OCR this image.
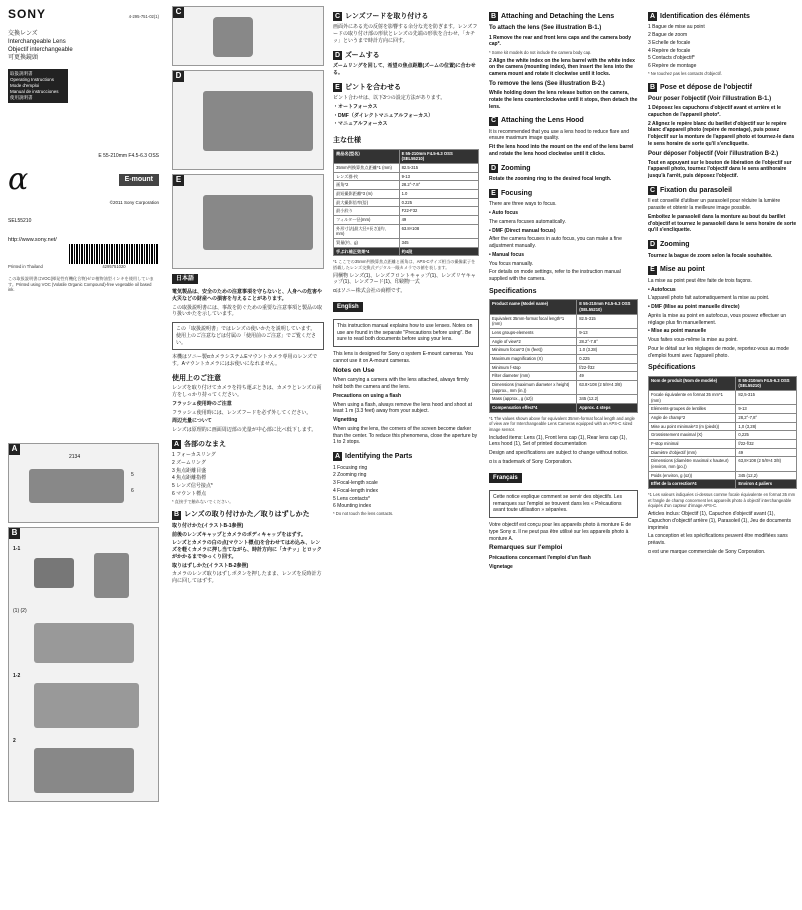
SONY	4-295-751-02(1)
交換レンズ
Interchangeable Lens
Objectif interchangeable
可更換鏡頭
取扱説明書
Operating Instructions
Mode d'emploi
Manual de instrucciones
使用說明書
E 55-210mm F4.5-6.3 OSS
α	E-mount
©2011 Sony Corporation
SEL55210
http://www.sony.net/
Printed in Thailand	4295751020
この取扱説明書はVOC(揮発性有機化合物)ゼロ植物油型インキを使用しています。Printed using VOC (Volatile Organic Compound)-free vegetable oil based ink.
A
2134
5
6
B
1-1
(1) (2)
1-2
2
C
D
E
日本語
電気製品は、安全のための注意事項を守らないと、人身への危害や火災などの財産への損害を与えることがあります。
この取扱説明書には、事故を防ぐための重要な注意事項と製品の取り扱いかたを示しています。
この「取扱説明書」ではレンズの使いかたを説明しています。使用上のご注意などは付属の「使用前のご注意」でご覧ください。
本機はソニー製αカメラシステムEマウントカメラ専用のレンズです。Aマウントカメラにはお使いになれません。
使用上のご注意
レンズを取り付けてカメラを持ち運ぶときは、カメラとレンズの両方をしっかり持ってください。
フラッシュ使用時のご注意
フラッシュ使用時には、レンズフードを必ず外してください。
周辺光量について
レンズは原理的に画面周辺部の光量が中心部に比べ低下します。
A 各部のなまえ
1 フォーカスリング
2 ズームリング
3 焦点距離目盛
4 焦点距離指標
5 レンズ信号接点*
6 マウント標点
* 直接手で触れないでください。
B レンズの取り付けかた／取りはずしかた
取り付けかた(イラストB-1参照)
前後のレンズキャップとカメラのボディキャップをはずす。
レンズとカメラの白の点(マウント標点)を合わせてはめ込み、レンズを軽くカメラに押し当てながら、時計方向に「カチッ」とロックがかかるまでゆっくり回す。
取りはずしかた(イラストB-2参照)
カメラのレンズ取りはずしボタンを押したまま、レンズを反時計方向に回してはずす。
C レンズフードを取り付ける
画面外にある光の反射を影響する余分な光を防ぎます。レンズフードの取り付け部の形状とレンズの先端の形状を合わせ、「カチッ」というまで時計方向に回す。
D ズームする
ズームリングを回して、希望の焦点距離(ズームの位置)に合わせる。
E ピントを合わせる
ピント合わせは、以下3つの設定方法があります。
・オートフォーカス
・DMF（ダイレクトマニュアルフォーカス）
・マニュアルフォーカス
主な仕様
商品名(型名)	E 55-210mm F4.5-6.3 OSS (SEL55210)
35mm判換算焦点距離*1 (mm)	82.5-315
レンズ群-枚	9-13
画角*2	28.2°-7.8°
最短撮影距離*3 (m)	1.0
最大撮影倍率(倍)	0.225
最小絞り	F22-F32
フィルター径(mm)	49
外形寸法(最大径×長さ)(約、mm)	63.8×108
質量(約、g)	345
手ぶれ補正効果*4	約4段
*1 ここでの35mm判換算焦点距離と画角は、APS-Cサイズ相当の撮像素子を搭載したレンズ交換式デジタル一眼カメラでの値を表します。
同梱物 レンズ(1)、レンズフロントキャップ(1)、レンズリヤキャップ(1)、レンズフード(1)、印刷物一式
αはソニー株式会社の商標です。
English
This instruction manual explains how to use lenses. Notes on use are found in the separate "Precautions before using". Be sure to read both documents before using your lens.
This lens is designed for Sony α system E-mount cameras. You cannot use it on A-mount cameras.
Notes on Use
When carrying a camera with the lens attached, always firmly hold both the camera and the lens.
Precautions on using a flash
When using a flash, always remove the lens hood and shoot at least 1 m (3.3 feet) away from your subject.
Vignetting
When using the lens, the corners of the screen become darker than the center. To reduce this phenomena, close the aperture by 1 to 2 stops.
A Identifying the Parts
1 Focusing ring
2 Zooming ring
3 Focal-length scale
4 Focal-length index
5 Lens contacts*
6 Mounting index
* Do not touch the lens contacts.
B Attaching and Detaching the Lens
To attach the lens (See illustration B-1.)
1 Remove the rear and front lens caps and the camera body cap*.
* Some kit models do not include the camera body cap.
2 Align the white index on the lens barrel with the white index on the camera (mounting index), then insert the lens into the camera mount and rotate it clockwise until it locks.
To remove the lens (See illustration B-2.)
While holding down the lens release button on the camera, rotate the lens counterclockwise until it stops, then detach the lens.
C Attaching the Lens Hood
It is recommended that you use a lens hood to reduce flare and ensure maximum image quality.
Fit the lens hood into the mount on the end of the lens barrel and rotate the lens hood clockwise until it clicks.
D Zooming
Rotate the zooming ring to the desired focal length.
E Focusing
There are three ways to focus.
• Auto focus
The camera focuses automatically.
• DMF (Direct manual focus)
After the camera focuses in auto focus, you can make a fine adjustment manually.
• Manual focus
You focus manually.
For details on mode settings, refer to the instruction manual supplied with the camera.
Specifications
Product name (Model name)	E 55-210mm F4.5-6.3 OSS (SEL55210)
Equivalent 35mm-format focal length*1 (mm)	82.5-315
Lens groups-elements	9-13
Angle of view*2	28.2°-7.8°
Minimum focus*3 (m (feet))	1.0 (3.28)
Maximum magnification (X)	0.225
Minimum f-stop	f/22-f/32
Filter diameter (mm)	49
Dimensions (maximum diameter x height) (approx., mm (in.))	63.8×108 (2 5/8×4 3/8)
Mass (approx., g (oz))	345 (12.2)
Compensation effect*4	Approx. 4 steps
*1 The values shown above for equivalent 35mm-format focal length and angle of view are for Interchangeable Lens Cameras equipped with an APS-C sized image sensor.
Included items: Lens (1), Front lens cap (1), Rear lens cap (1), Lens hood (1), Set of printed documentation
Design and specifications are subject to change without notice.
α is a trademark of Sony Corporation.
Français
Cette notice explique comment se servir des objectifs. Les remarques sur l'emploi se trouvent dans les « Précautions avant toute utilisation » séparées.
Votre objectif est conçu pour les appareils photo à monture E de type Sony α. Il ne peut pas être utilisé sur les appareils photo à monture A.
Remarques sur l'emploi
Précautions concernant l'emploi d'un flash
Vignetage
A Identification des éléments
1 Bague de mise au point
2 Bague de zoom
3 Echelle de focale
4 Repère de focale
5 Contacts d'objectif*
6 Repère de montage
* Ne touchez pas les contacts d'objectif.
B Pose et dépose de l'objectif
Pour poser l'objectif (Voir l'illustration B-1.)
1 Déposez les capuchons d'objectif avant et arrière et le capuchon de l'appareil photo*.
2 Alignez le repère blanc du barillet d'objectif sur le repère blanc d'appareil photo (repère de montage), puis posez l'objectif sur la monture de l'appareil photo et tournez-le dans le sens horaire de sorte qu'il s'encliquette.
Pour déposer l'objectif (Voir l'illustration B-2.)
Tout en appuyant sur le bouton de libération de l'objectif sur l'appareil photo, tournez l'objectif dans le sens antihoraire jusqu'à l'arrêt, puis déposez l'objectif.
C Fixation du parasoleil
Il est conseillé d'utiliser un parasoleil pour réduire la lumière parasite et obtenir la meilleure image possible.
Emboîtez le parasoleil dans la monture au bout du barillet d'objectif et tournez le parasoleil dans le sens horaire de sorte qu'il s'encliquette.
D Zooming
Tournez la bague de zoom selon la focale souhaitée.
E Mise au point
La mise au point peut être faite de trois façons.
• Autofocus
L'appareil photo fait automatiquement la mise au point.
• DMF (Mise au point manuelle directe)
Après la mise au point en autofocus, vous pouvez effectuer un réglage plus fin manuellement.
• Mise au point manuelle
Vous faites vous-même la mise au point.
Pour le détail sur les réglages de mode, reportez-vous au mode d'emploi fourni avec l'appareil photo.
Spécifications
Nom de produit (Nom de modèle)	E 55-210mm F4.5-6.3 OSS (SEL55210)
Focale équivalente en format 35 mm*1 (mm)	82,5-315
Eléments-groupes de lentilles	9-13
Angle de champ*2	28,2°-7,8°
Mise au point minimale*3 (m (pieds))	1,0 (3,28)
Grossissement maximal (X)	0,225
F-stop minimal	f/22-f/32
Diamètre d'objectif (mm)	49
Dimensions (diamètre maximal x hauteur) (environ, mm (po.))	63,8×108 (2 5/8×4 3/8)
Poids (environ, g (oz))	345 (12,2)
Effet de la correction*4	Environ 4 paliers
*1 Les valeurs indiquées ci-dessus comme focale équivalente en format 35 mm et l'angle de champ concernent les appareils photo à objectif interchangeable équipés d'un capteur d'image APS-C.
Articles inclus: Objectif (1), Capuchon d'objectif avant (1), Capuchon d'objectif arrière (1), Parasoleil (1), Jeu de documents imprimés
La conception et les spécifications peuvent être modifiées sans préavis.
α est une marque commerciale de Sony Corporation.
